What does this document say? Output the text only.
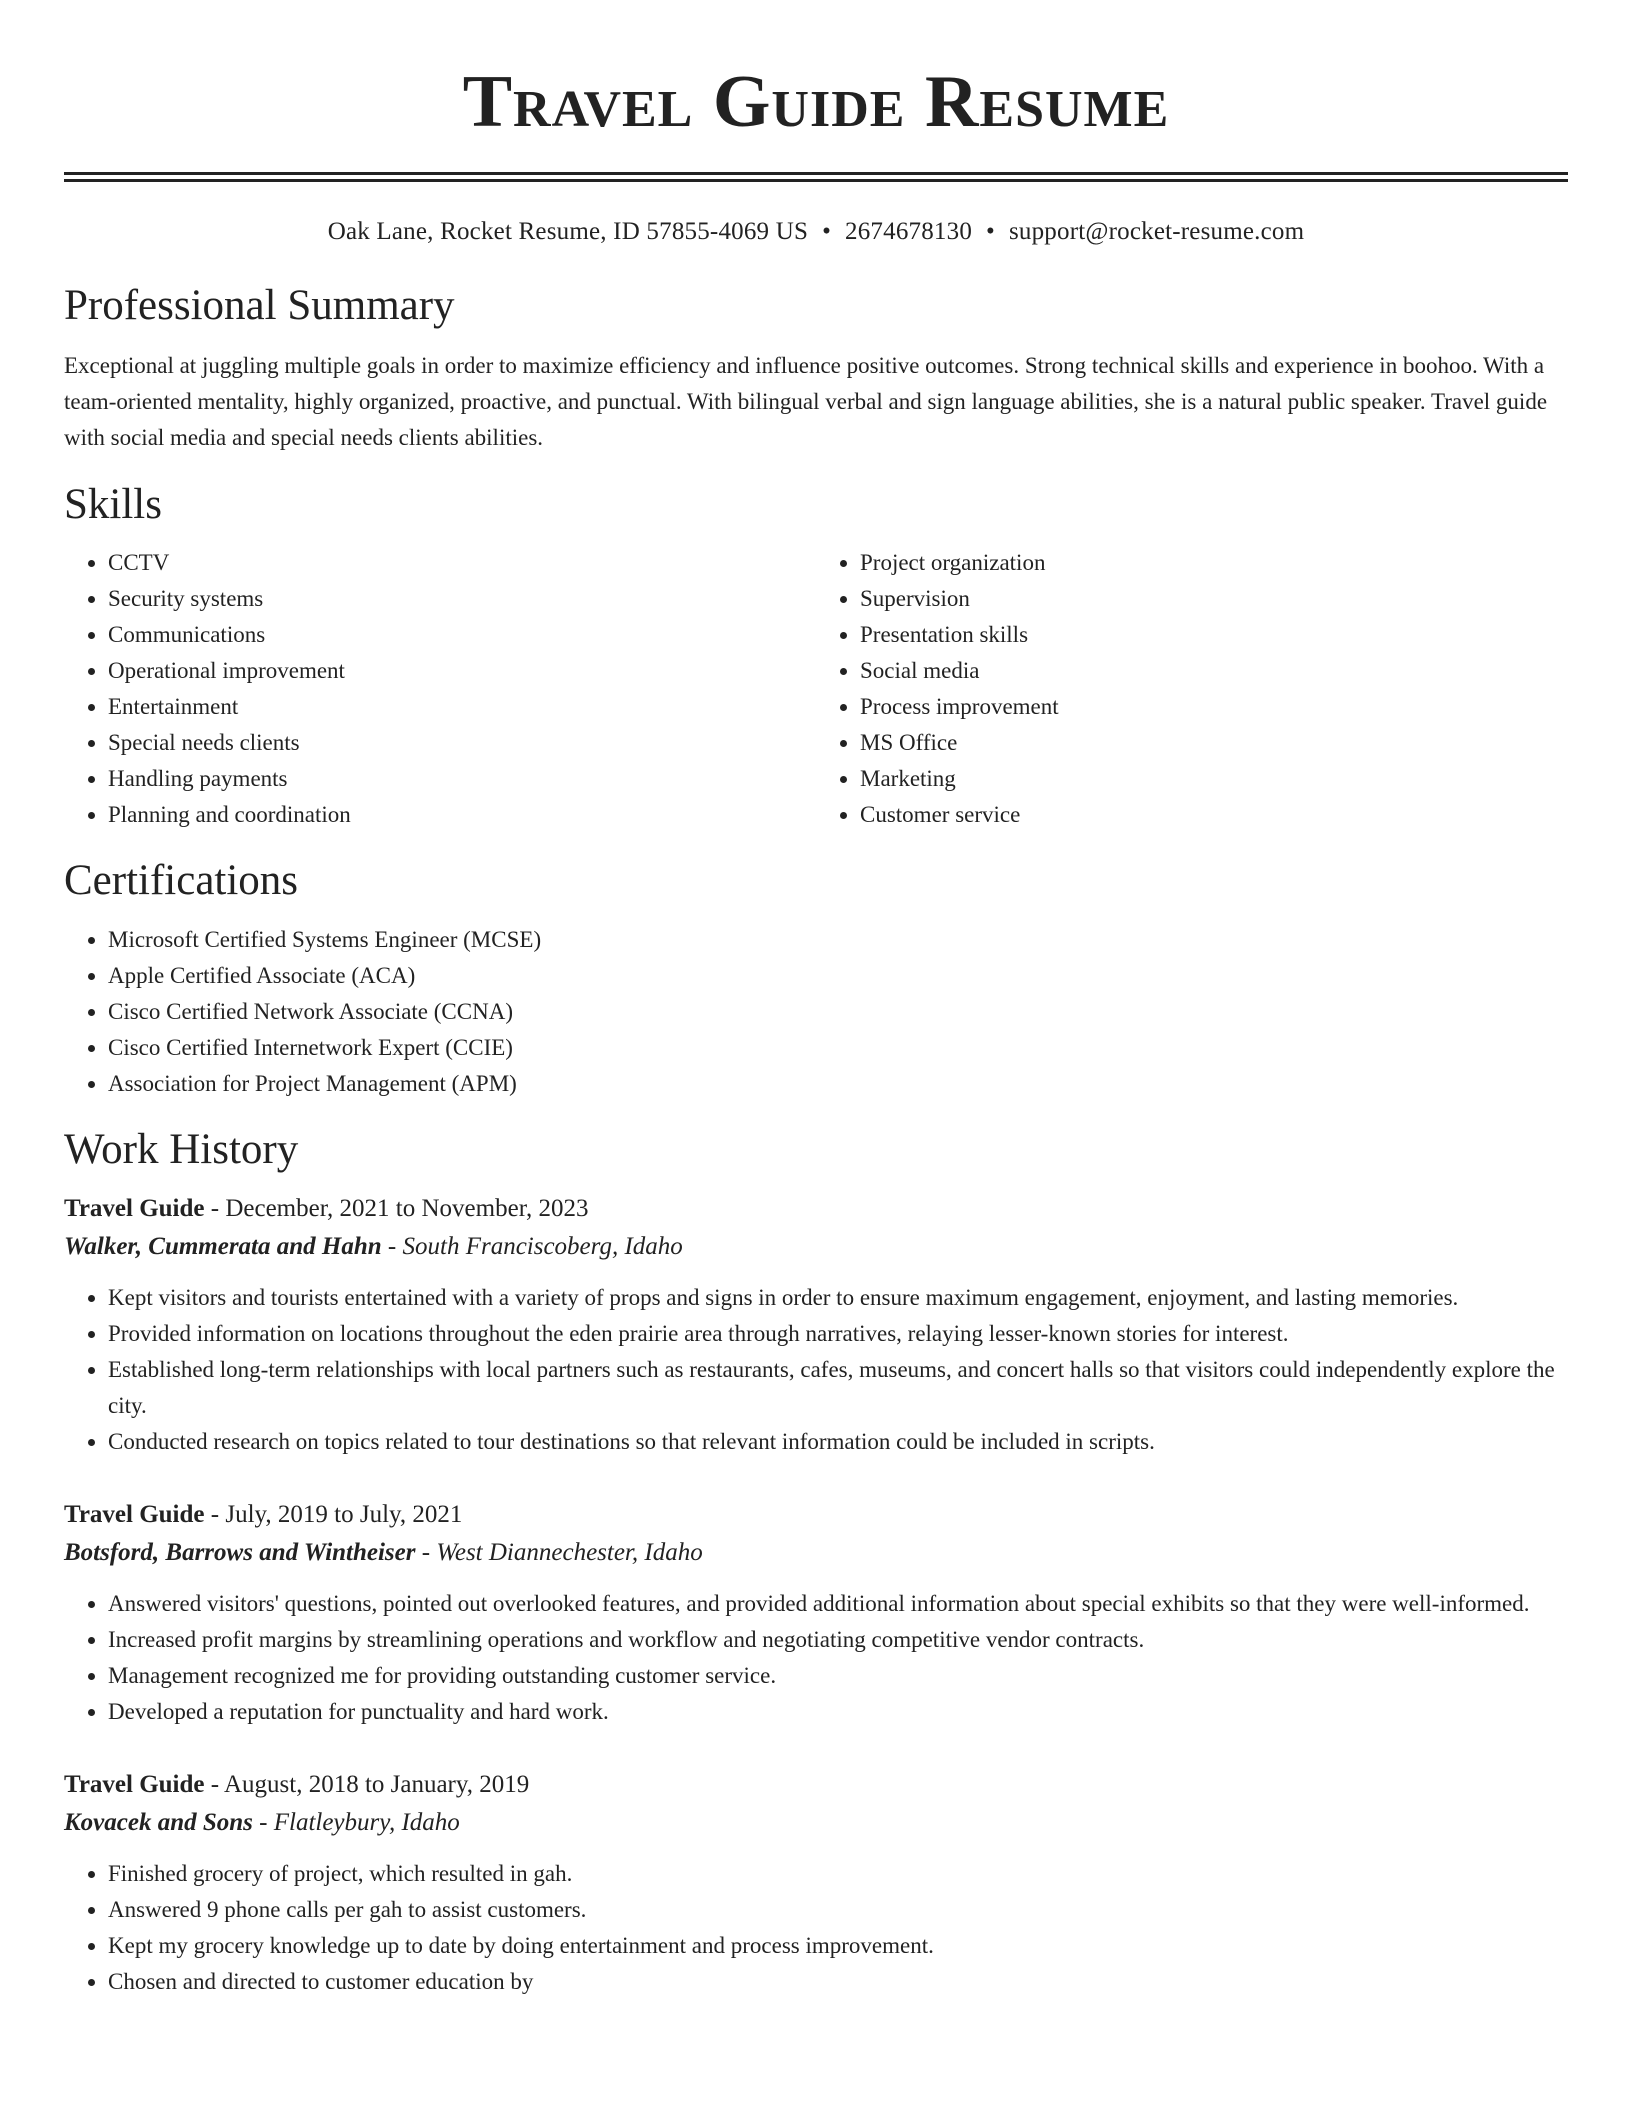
Travel Guide Resume
Oak Lane, Rocket Resume, ID 57855-4069 US • 2674678130 • support@rocket-resume.com
Professional Summary

Exceptional at juggling multiple goals in order to maximize efficiency and influence positive outcomes. Strong technical skills and experience in boohoo. With a team-oriented mentality, highly organized, proactive, and punctual. With bilingual verbal and sign language abilities, she is a natural public speaker. Travel guide with social media and special needs clients abilities.

Skills
• CCTV
• Security systems
• Communications
• Operational improvement
• Entertainment
• Special needs clients
• Handling payments
• Planning and coordination
• Project organization
• Supervision
• Presentation skills
• Social media
• Process improvement
• MS Office
• Marketing
• Customer service
Certifications
• Microsoft Certified Systems Engineer (MCSE)
• Apple Certified Associate (ACA)
• Cisco Certified Network Associate (CCNA)
• Cisco Certified Internetwork Expert (CCIE)
• Association for Project Management (APM)
Work History
Travel Guide - December, 2021 to November, 2023
Walker, Cummerata and Hahn - South Franciscoberg, Idaho
• Kept visitors and tourists entertained with a variety of props and signs in order to ensure maximum engagement, enjoyment, and lasting memories.
• Provided information on locations throughout the eden prairie area through narratives, relaying lesser-known stories for interest.
• Established long-term relationships with local partners such as restaurants, cafes, museums, and concert halls so that visitors could independently explore the city.
• Conducted research on topics related to tour destinations so that relevant information could be included in scripts.
Travel Guide - July, 2019 to July, 2021
Botsford, Barrows and Wintheiser - West Diannechester, Idaho
• Answered visitors' questions, pointed out overlooked features, and provided additional information about special exhibits so that they were well-informed.
• Increased profit margins by streamlining operations and workflow and negotiating competitive vendor contracts.
• Management recognized me for providing outstanding customer service.
• Developed a reputation for punctuality and hard work.
Travel Guide - August, 2018 to January, 2019
Kovacek and Sons - Flatleybury, Idaho
• Finished grocery of project, which resulted in gah.
• Answered 9 phone calls per gah to assist customers.
• Kept my grocery knowledge up to date by doing entertainment and process improvement.
• Chosen and directed to customer education by
